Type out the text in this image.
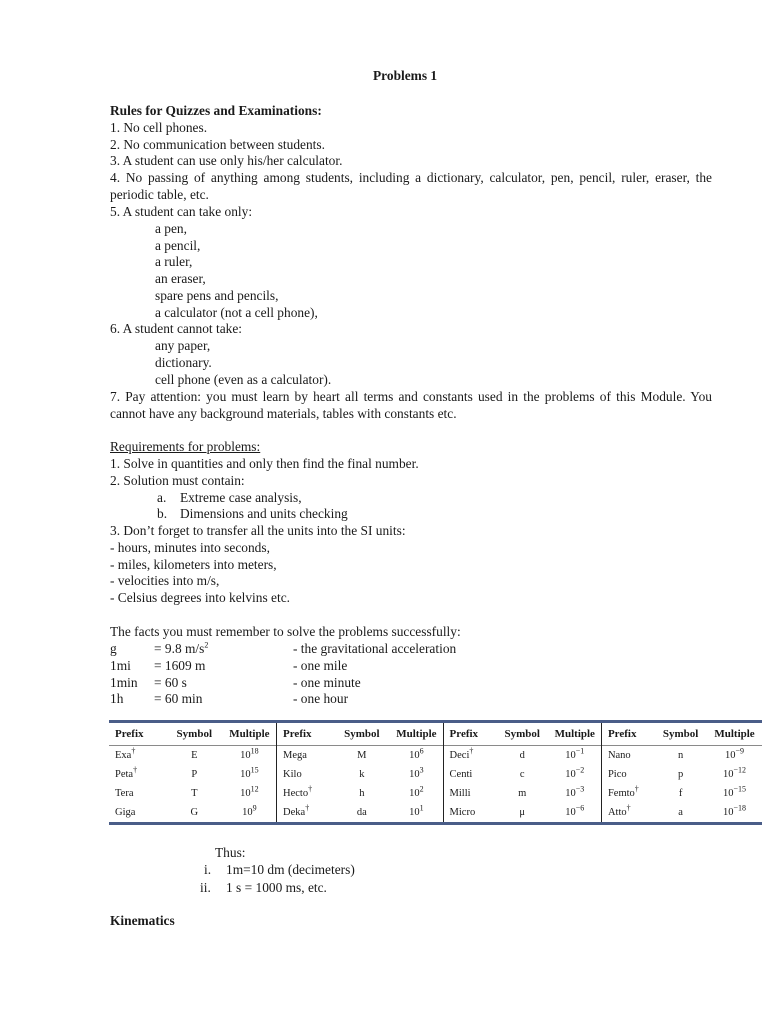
Problems 1
Rules for Quizzes and Examinations:
1. No cell phones.
2. No communication between students.
3. A student can use only his/her calculator.
4. No passing of anything among students, including a dictionary, calculator, pen, pencil, ruler, eraser, the periodic table, etc.
5. A student can take only:
a pen,
a pencil,
a ruler,
an eraser,
spare pens and pencils,
a calculator (not a cell phone),
6. A student cannot take:
any paper,
dictionary.
cell phone (even as a calculator).
7. Pay attention: you must learn by heart all terms and constants used in the problems of this Module. You cannot have any background materials, tables with constants etc.
Requirements for problems:
1. Solve in quantities and only then find the final number.
2. Solution must contain:
a. Extreme case analysis,
b. Dimensions and units checking
3. Don’t forget to transfer all the units into the SI units:
- hours, minutes into seconds,
- miles, kilometers into meters,
- velocities into m/s,
- Celsius degrees into kelvins etc.
The facts you must remember to solve the problems successfully:
g	= 9.8 $m/s^2$	- the gravitational acceleration
1mi = 1609 m	- one mile
1min = 60 s	- one minute
1h = 60 min	- one hour
Prefix	Symbol	Multiple	Prefix	Symbol	Multiple	Prefix	Symbol	Multiple	Prefix	Symbol	Multiple
Exa†	E	$10^{18}$	Mega	M	$10^6$	Deci†	d	$10^{-1}$	Nano	n	$10^{-9}$
Peta†	P	$10^{15}$	Kilo	k	$10^3$	Centi	c	$10^{-2}$	Pico	p	$10^{-12}$
Tera	T	$10^{12}$	Hecto†	h	$10^2$	Milli	m	$10^{-3}$	Femto†	f	$10^{-15}$
Giga	G	$10^9$	Deka†	da	$10^1$	Micro	μ	$10^{-6}$	Atto†	a	$10^{-18}$
Thus:
i. 1m=10 dm (decimeters)
ii. 1 s = 1000 ms, etc.
Kinematics
